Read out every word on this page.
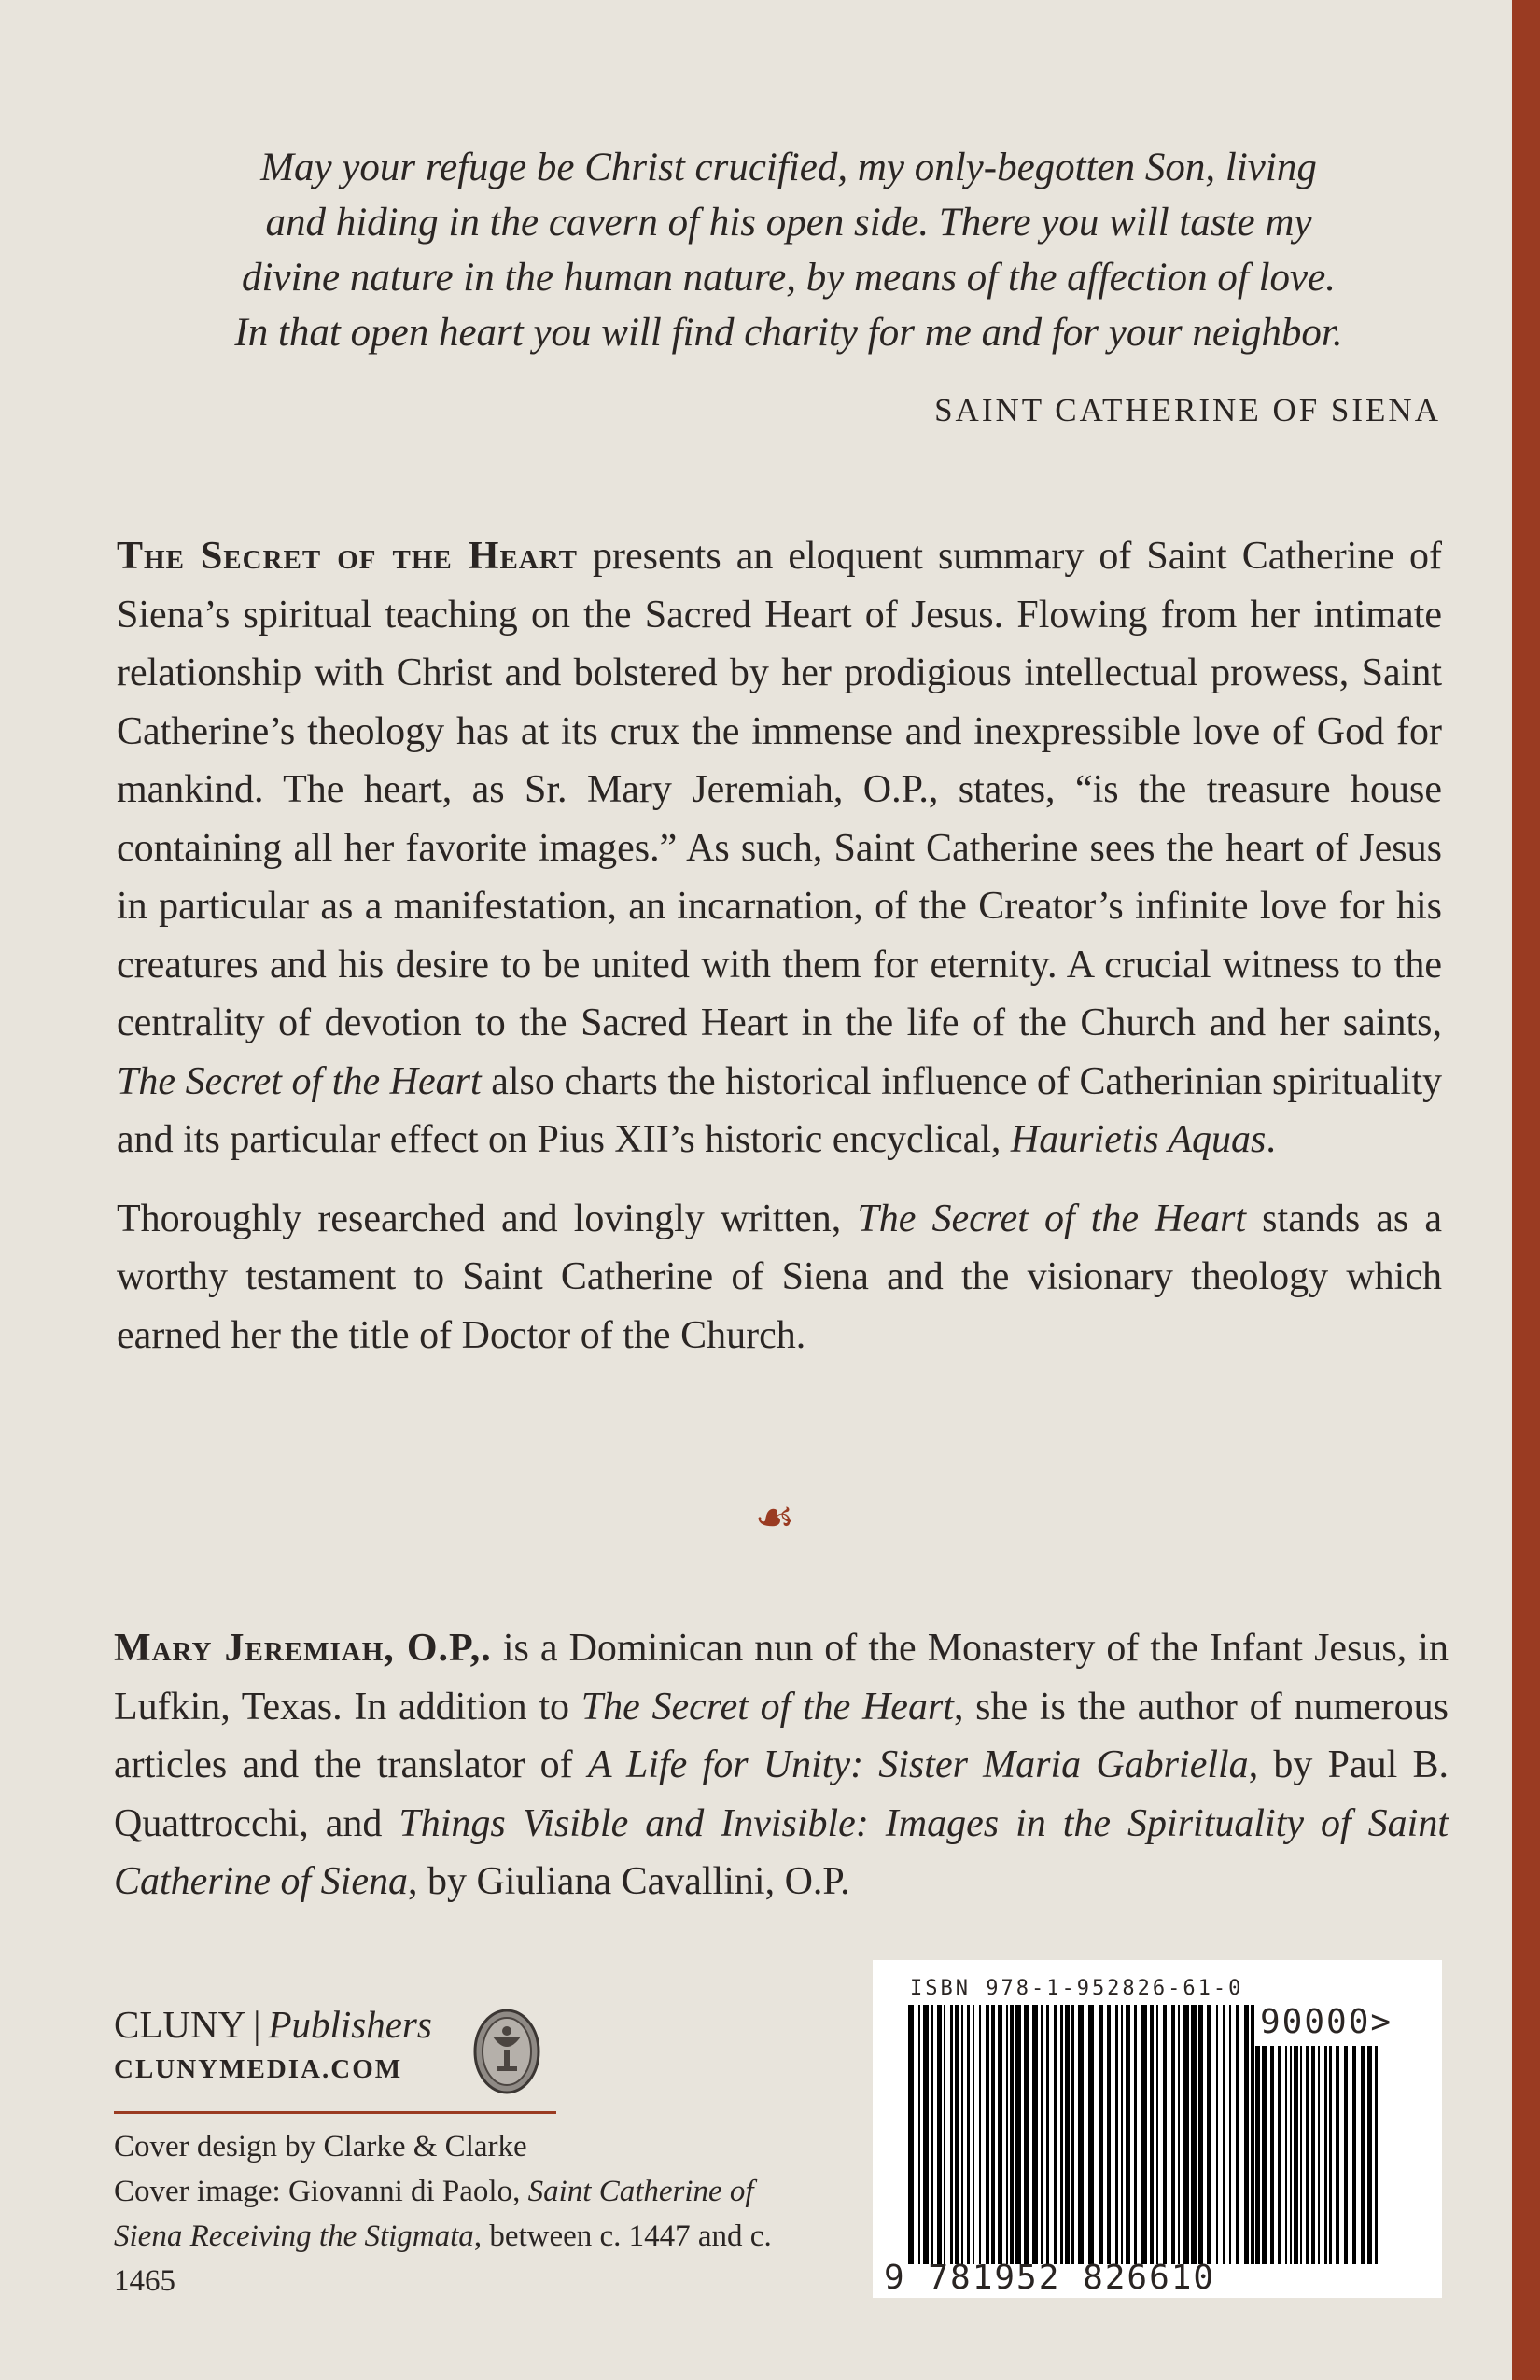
May your refuge be Christ crucified, my only-begotten Son, living
and hiding in the cavern of his open side. There you will taste my
divine nature in the human nature, by means of the affection of love.
In that open heart you will find charity for me and for your neighbor.
SAINT CATHERINE OF SIENA

The Secret of the Heart presents an eloquent summary of Saint Catherine of Siena’s spiritual teaching on the Sacred Heart of Jesus. Flowing from her intimate relationship with Christ and bolstered by her prodigious intellectual prowess, Saint Catherine’s theology has at its crux the immense and inexpressible love of God for mankind. The heart, as Sr. Mary Jeremiah, O.P., states, “is the treasure house containing all her favorite images.” As such, Saint Catherine sees the heart of Jesus in particular as a manifestation, an incarnation, of the Creator’s infinite love for his creatures and his desire to be united with them for eternity. A crucial witness to the centrality of devotion to the Sacred Heart in the life of the Church and her saints, The Secret of the Heart also charts the historical influence of Catherinian spirituality and its particular effect on Pius XII’s historic encyclical, Haurietis Aquas.

Thoroughly researched and lovingly written, The Secret of the Heart stands as a worthy testament to Saint Catherine of Siena and the visionary theology which earned her the title of Doctor of the Church.

☙

Mary Jeremiah, O.P,. is a Dominican nun of the Monastery of the Infant Jesus, in Lufkin, Texas. In addition to The Secret of the Heart, she is the author of numerous articles and the translator of A Life for Unity: Sister Maria Gabriella, by Paul B. Quattrocchi, and Things Visible and Invisible: Images in the Spirituality of Saint Catherine of Siena, by Giuliana Cavallini, O.P.

CLUNY | Publishers
CLUNYMEDIA.COM

Cover design by Clarke & Clarke

Cover image: Giovanni di Paolo, Saint Catherine of Siena Receiving the Stigmata, between c. 1447 and c. 1465

ISBN 978-1-952826-61-0
90000>
9 781952 826610
